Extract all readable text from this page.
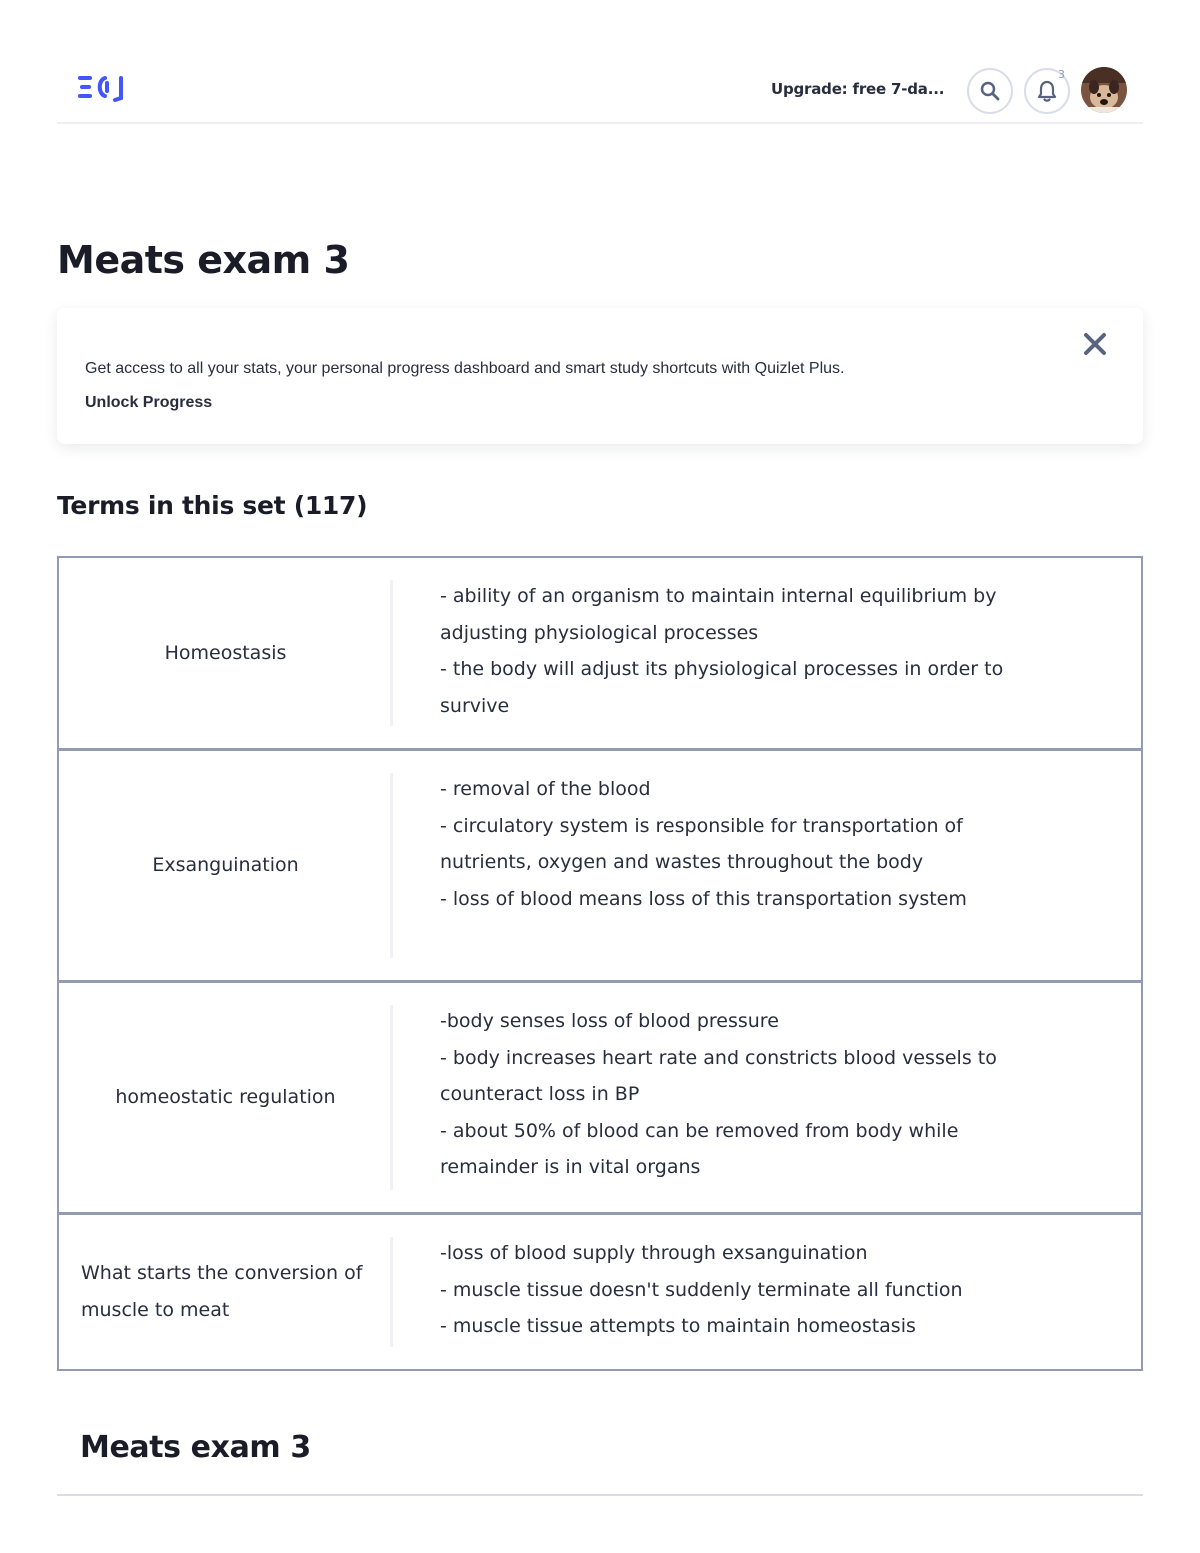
Upgrade: free 7-da...
3
Meats exam 3
Get access to all your stats, your personal progress dashboard and smart study shortcuts with Quizlet Plus.
Unlock Progress
Terms in this set (117)
Homeostasis
- ability of an organism to maintain internal equilibrium by adjusting physiological processes
- the body will adjust its physiological processes in order to survive
Exsanguination
- removal of the blood
- circulatory system is responsible for transportation of nutrients, oxygen and wastes throughout the body
- loss of blood means loss of this transportation system
homeostatic regulation
-body senses loss of blood pressure
- body increases heart rate and constricts blood vessels to counteract loss in BP
- about 50% of blood can be removed from body while remainder is in vital organs
What starts the conversion of muscle to meat
-loss of blood supply through exsanguination
- muscle tissue doesn't suddenly terminate all function
- muscle tissue attempts to maintain homeostasis
Meats exam 3
